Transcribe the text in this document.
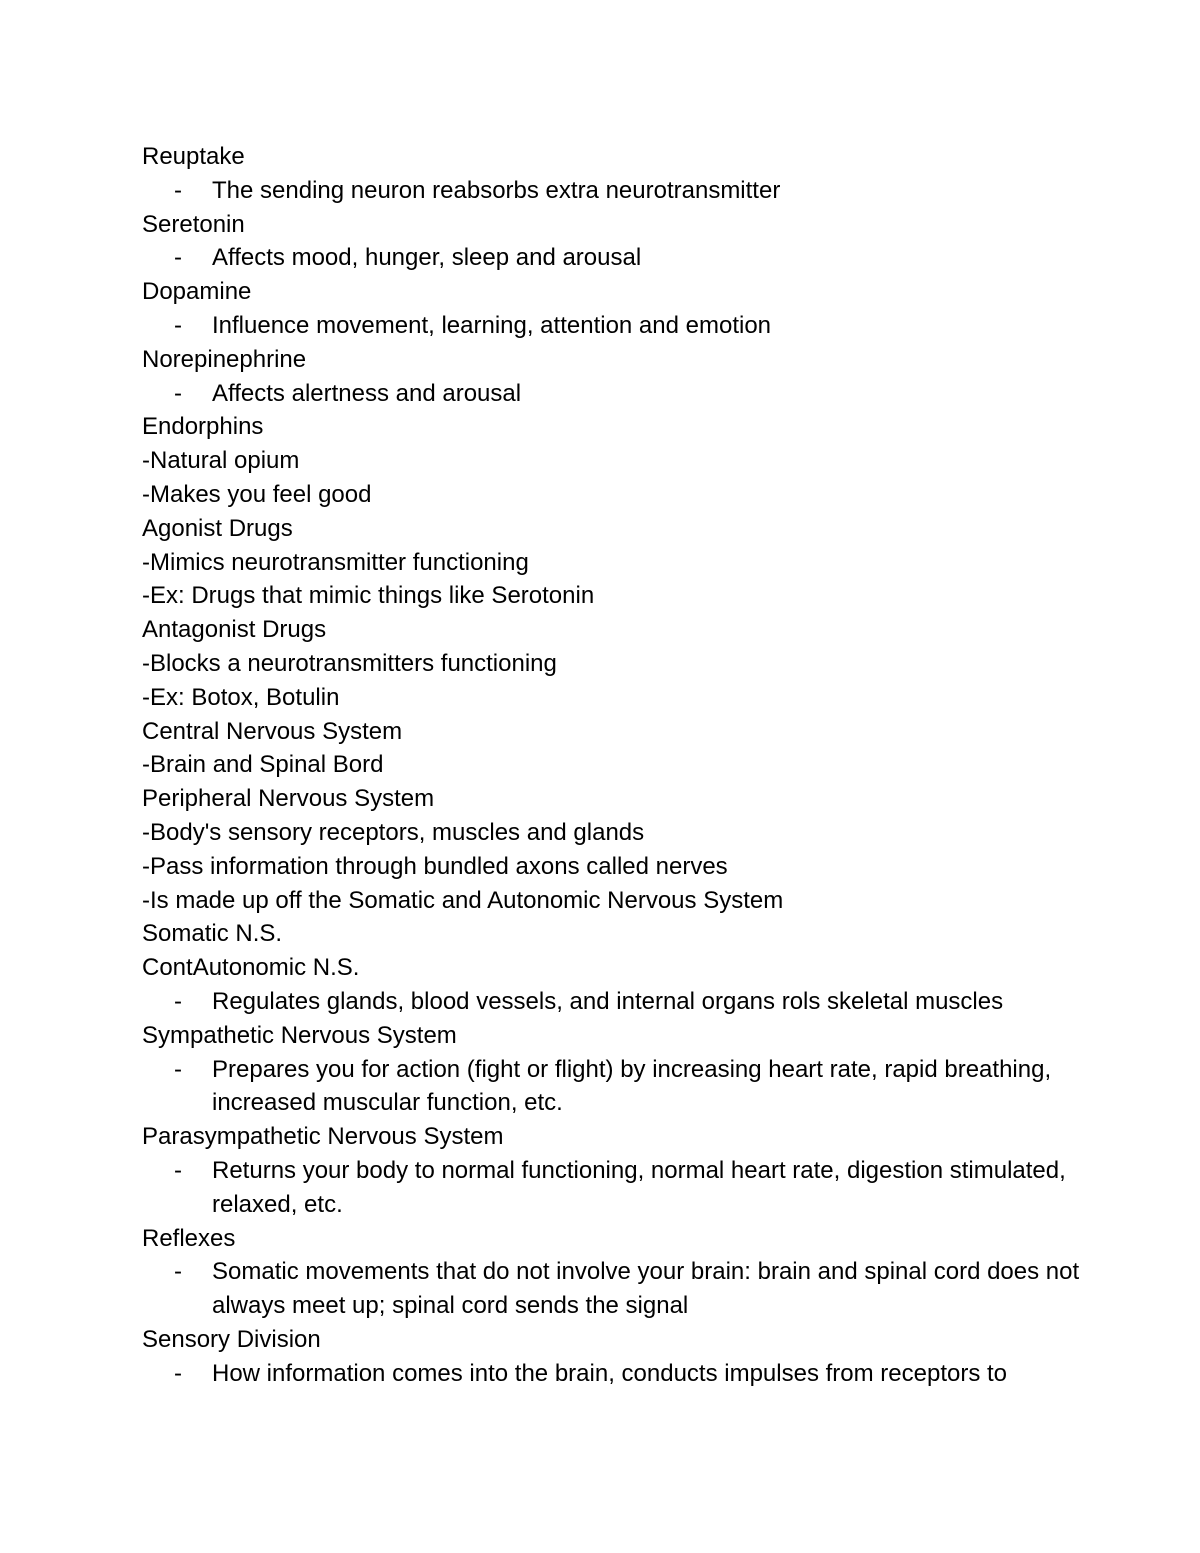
Reuptake
-	The sending neuron reabsorbs extra neurotransmitter
Seretonin
-	Affects mood, hunger, sleep and arousal
Dopamine
-	Influence movement, learning, attention and emotion
Norepinephrine
-	Affects alertness and arousal
Endorphins
-Natural opium
-Makes you feel good
Agonist Drugs
-Mimics neurotransmitter functioning
-Ex: Drugs that mimic things like Serotonin
Antagonist Drugs
-Blocks a neurotransmitters functioning
-Ex: Botox, Botulin
Central Nervous System
-Brain and Spinal Bord
Peripheral Nervous System
-Body's sensory receptors, muscles and glands
-Pass information through bundled axons called nerves
-Is made up off the Somatic and Autonomic Nervous System
Somatic N.S.
ContAutonomic N.S.
-	Regulates glands, blood vessels, and internal organs rols skeletal muscles
Sympathetic Nervous System
-	Prepares you for action (fight or flight) by increasing heart rate, rapid breathing, increased muscular function, etc.
Parasympathetic Nervous System
-	Returns your body to normal functioning, normal heart rate, digestion stimulated, relaxed, etc.
Reflexes
-	Somatic movements that do not involve your brain: brain and spinal cord does not always meet up; spinal cord sends the signal
Sensory Division
-	How information comes into the brain, conducts impulses from receptors to
